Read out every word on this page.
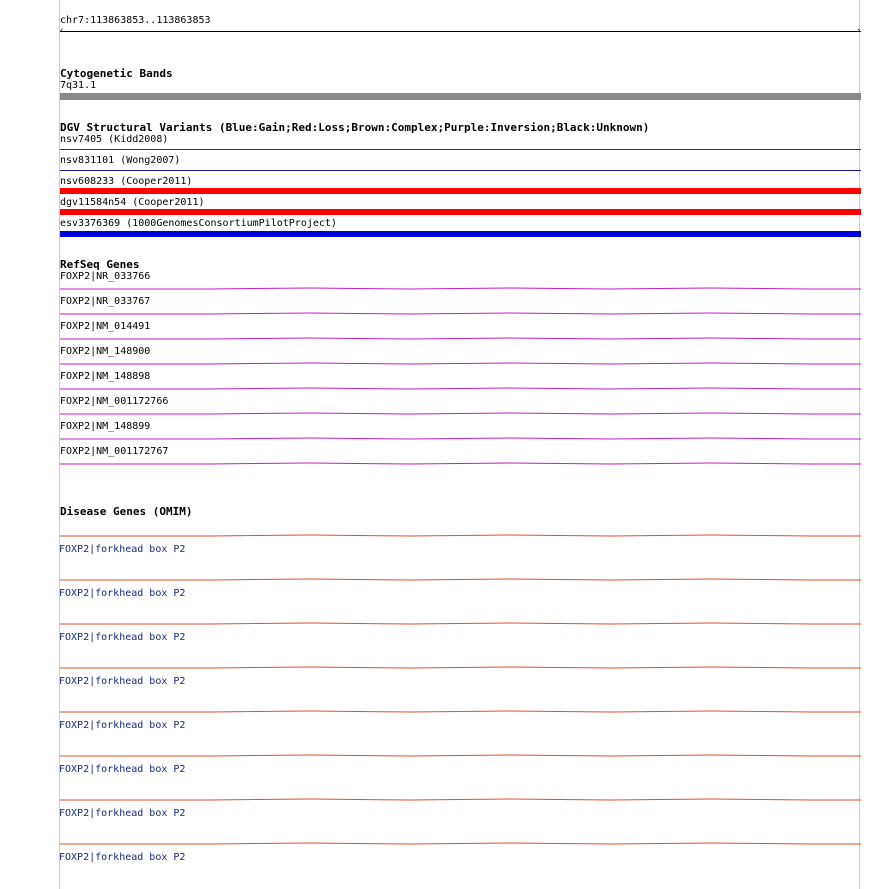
chr7:113863853..113863853
‹	›
Cytogenetic Bands
7q31.1
DGV Structural Variants (Blue:Gain;Red:Loss;Brown:Complex;Purple:Inversion;Black:Unknown)
nsv7405 (Kidd2008)
nsv831101 (Wong2007)
nsv608233 (Cooper2011)
dgv11584n54 (Cooper2011)
esv3376369 (1000GenomesConsortiumPilotProject)
RefSeq Genes
FOXP2|NR_033766
FOXP2|NR_033767
FOXP2|NM_014491
FOXP2|NM_148900
FOXP2|NM_148898
FOXP2|NM_001172766
FOXP2|NM_148899
FOXP2|NM_001172767
Disease Genes (OMIM)
FOXP2|forkhead box P2
FOXP2|forkhead box P2
FOXP2|forkhead box P2
FOXP2|forkhead box P2
FOXP2|forkhead box P2
FOXP2|forkhead box P2
FOXP2|forkhead box P2
FOXP2|forkhead box P2
